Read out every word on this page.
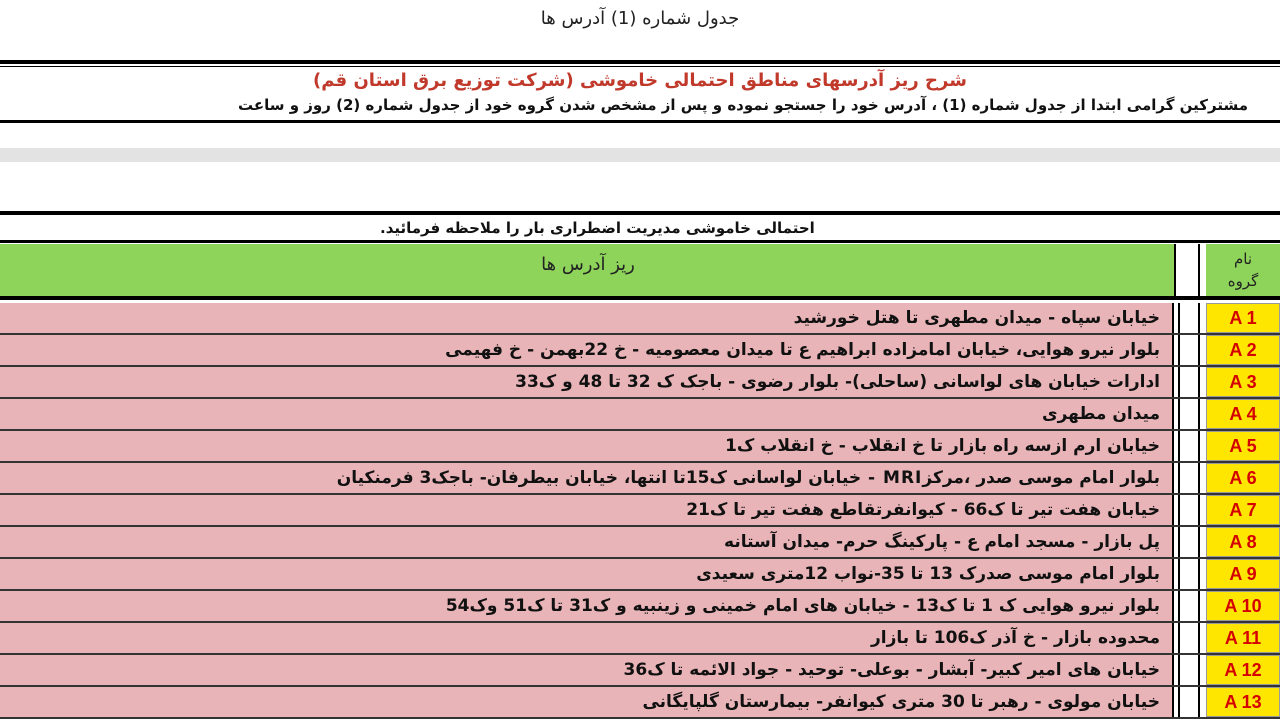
جدول شماره (1) آدرس ها
شرح ریز آدرسهای مناطق احتمالی خاموشی (شرکت توزیع برق استان قم)
مشترکین گرامی ابتدا از جدول شماره (1) ، آدرس خود را جستجو نموده و پس از مشخص شدن گروه خود از جدول شماره (2) روز و ساعت
احتمالی خاموشی مدیریت اضطراری بار را ملاحظه فرمائید.
ریز آدرس ها	نام
گروه
خیابان سپاه - میدان مطهری تا هتل خورشید	A 1
بلوار نیرو هوایی، خیابان امامزاده ابراهیم ع تا میدان معصومیه - خ 22بهمن - خ فهیمی	A 2
ادارات خیابان های لواسانی (ساحلی)- بلوار رضوی - باجک ک 32 تا 48 و ک33	A 3
میدان مطهری	A 4
خیابان ارم ازسه راه بازار تا خ انقلاب - خ انقلاب ک1	A 5
بلوار امام موسی صدر ،مرکزMRI - خیابان لواسانی ک15تا انتها، خیابان بیطرفان- باجک3 فرمنکیان	A 6
خیابان هفت تیر تا ک66 - کیوانفرتقاطع هفت تیر تا ک21	A 7
پل بازار - مسجد امام ع - پارکینگ حرم- میدان آستانه	A 8
بلوار امام موسی صدرک 13 تا 35-نواب 12متری سعیدی	A 9
بلوار نیرو هوایی ک 1 تا ک13 - خیابان های امام خمینی و زینبیه و ک31 تا ک51 وک54	A 10
محدوده بازار - خ آذر ک106 تا بازار	A 11
خیابان های امیر کبیر- آبشار - بوعلی- توحید - جواد الائمه تا ک36	A 12
خیابان مولوی - رهبر تا 30 متری کیوانفر- بیمارستان گلپایگانی	A 13
